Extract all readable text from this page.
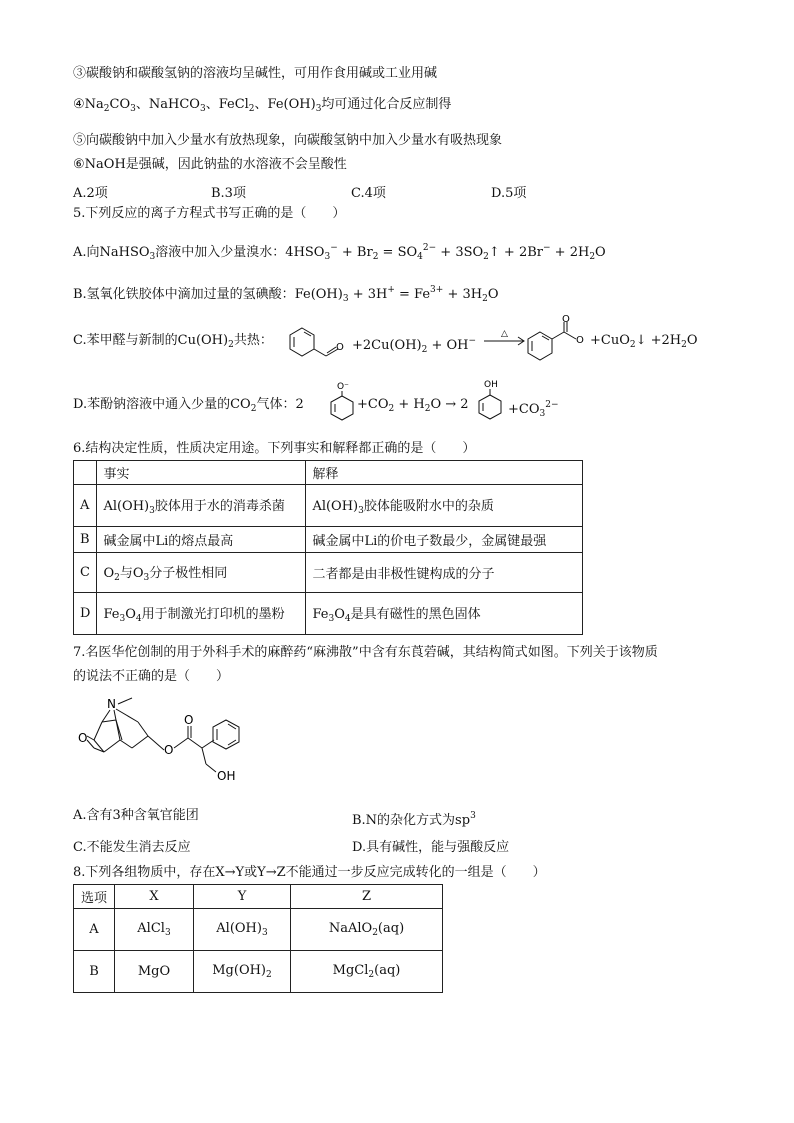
③碳酸钠和碳酸氢钠的溶液均呈碱性，可用作食用碱或工业用碱
$④Na_2CO_3$、NaHCO$_3$、FeCl$_2$、$Fe(OH)_3$均可通过化合反应制得
⑤向碳酸钠中加入少量水有放热现象，向碳酸氢钠中加入少量水有吸热现象
⑥NaOH是强碱，因此钠盐的水溶液不会呈酸性
A.2项	B.3项	C.4项	D.5项
5.下列反应的离子方程式书写正确的是（　　）
A.向NaHSO$_3$溶液中加入少量溴水：$4HSO_3^- + Br_2 = SO_4^{2-}$ + $3SO_2↑ + 2Br^- + 2H_2O$
B.氢氧化铁胶体中滴加过量的氢碘酸：$Fe(OH)_3 + 3H^+ = Fe^{3+} + 3H_2O$
C.苯甲醛与新制的$Cu(OH)_2$共热：	$O +2Cu(OH)_2 + OH^-$
△
O
O +CuO$_2$↓ $+2H_2O$
D.苯酚钠溶液中通入少量的$CO_2$气体：2
O⁻
$+CO_2 + H_2O \to 2$
OH
$+CO_3^{2-}$
6.结构决定性质，性质决定用途。下列事实和解释都正确的是（　　）
	事实	解释
A	$Al(OH)_3$胶体用于水的消毒杀菌	$Al(OH)_3$胶体能吸附水中的杂质
B	碱金属中Li的熔点最高	碱金属中Li的价电子数最少，金属键最强
C	$O_2$与$O_3$分子极性相同	二者都是由非极性键构成的分子
D	$Fe_3O_4$用于制激光打印机的墨粉	$Fe_3O_4$是具有磁性的黑色固体
7.名医华佗创制的用于外科手术的麻醉药“麻沸散”中含有东莨菪碱，其结构简式如图。下列关于该物质
的说法不正确的是（　　）
N
O
O
O
OH
A.含有3种含氧官能团	B.N的杂化方式为$sp^3$
C.不能发生消去反应	D.具有碱性，能与强酸反应
8.下列各组物质中，存在X→Y或Y→Z不能通过一步反应完成转化的一组是（　　）
选项	X	Y	Z
A	AlCl$_3$	$Al(OH)_3$	NaAlO$_2$(aq)
B	MgO	$Mg(OH)_2$	MgCl$_2$(aq)
